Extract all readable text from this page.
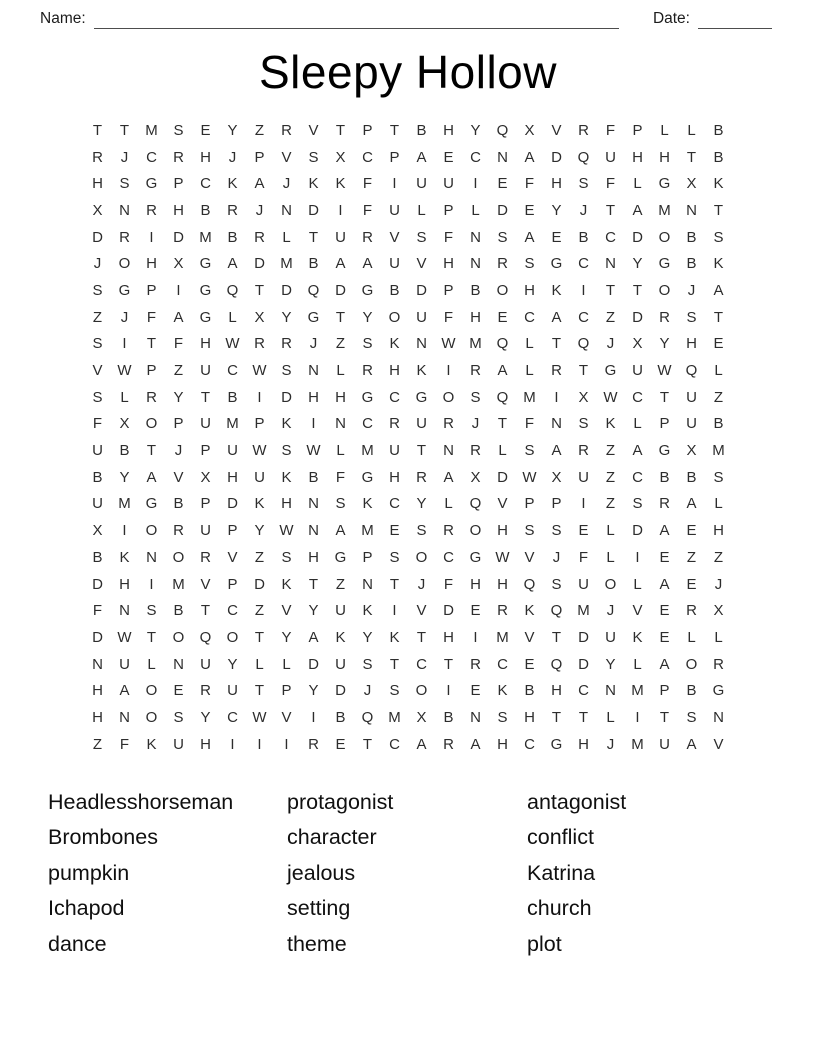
Name:	Date:
Sleepy Hollow
T T M S E Y Z R V T P T B H Y Q X V R F P L L B
R J C R H J P V S X C P A E C N A D Q U H H T B
H S G P C K A J K K F I U U I E F H S F L G X K
X N R H B R J N D I F U L P L D E Y J T A M N T
D R I D M B R L T U R V S F N S A E B C D O B S
J O H X G A D M B A A U V H N R S G C N Y G B K
S G P I G Q T D Q D G B D P B O H K I T T O J A
Z J F A G L X Y G T Y O U F H E C A C Z D R S T
S I T F H W R R J Z S K N W M Q L T Q J X Y H E
V W P Z U C W S N L R H K I R A L R T G U W Q L
S L R Y T B I D H H G C G O S Q M I X W C T U Z
F X O P U M P K I N C R U R J T F N S K L P U B
U B T J P U W S W L M U T N R L S A R Z A G X M
B Y A V X H U K B F G H R A X D W X U Z C B B S
U M G B P D K H N S K C Y L Q V P P I Z S R A L
X I O R U P Y W N A M E S R O H S S E L D A E H
B K N O R V Z S H G P S O C G W V J F L I E Z Z
D H I M V P D K T Z N T J F H H Q S U O L A E J
F N S B T C Z V Y U K I V D E R K Q M J V E R X
D W T O Q O T Y A K Y K T H I M V T D U K E L L
N U L N U Y L L D U S T C T R C E Q D Y L A O R
H A O E R U T P Y D J S O I E K B H C N M P B G
H N O S Y C W V I B Q M X B N S H T T L I T S N
Z F K U H I I I R E T C A R A H C G H J M U A V
Headlesshorseman
Brombones
pumpkin
Ichapod
dance
protagonist
character
jealous
setting
theme
antagonist
conflict
Katrina
church
plot
